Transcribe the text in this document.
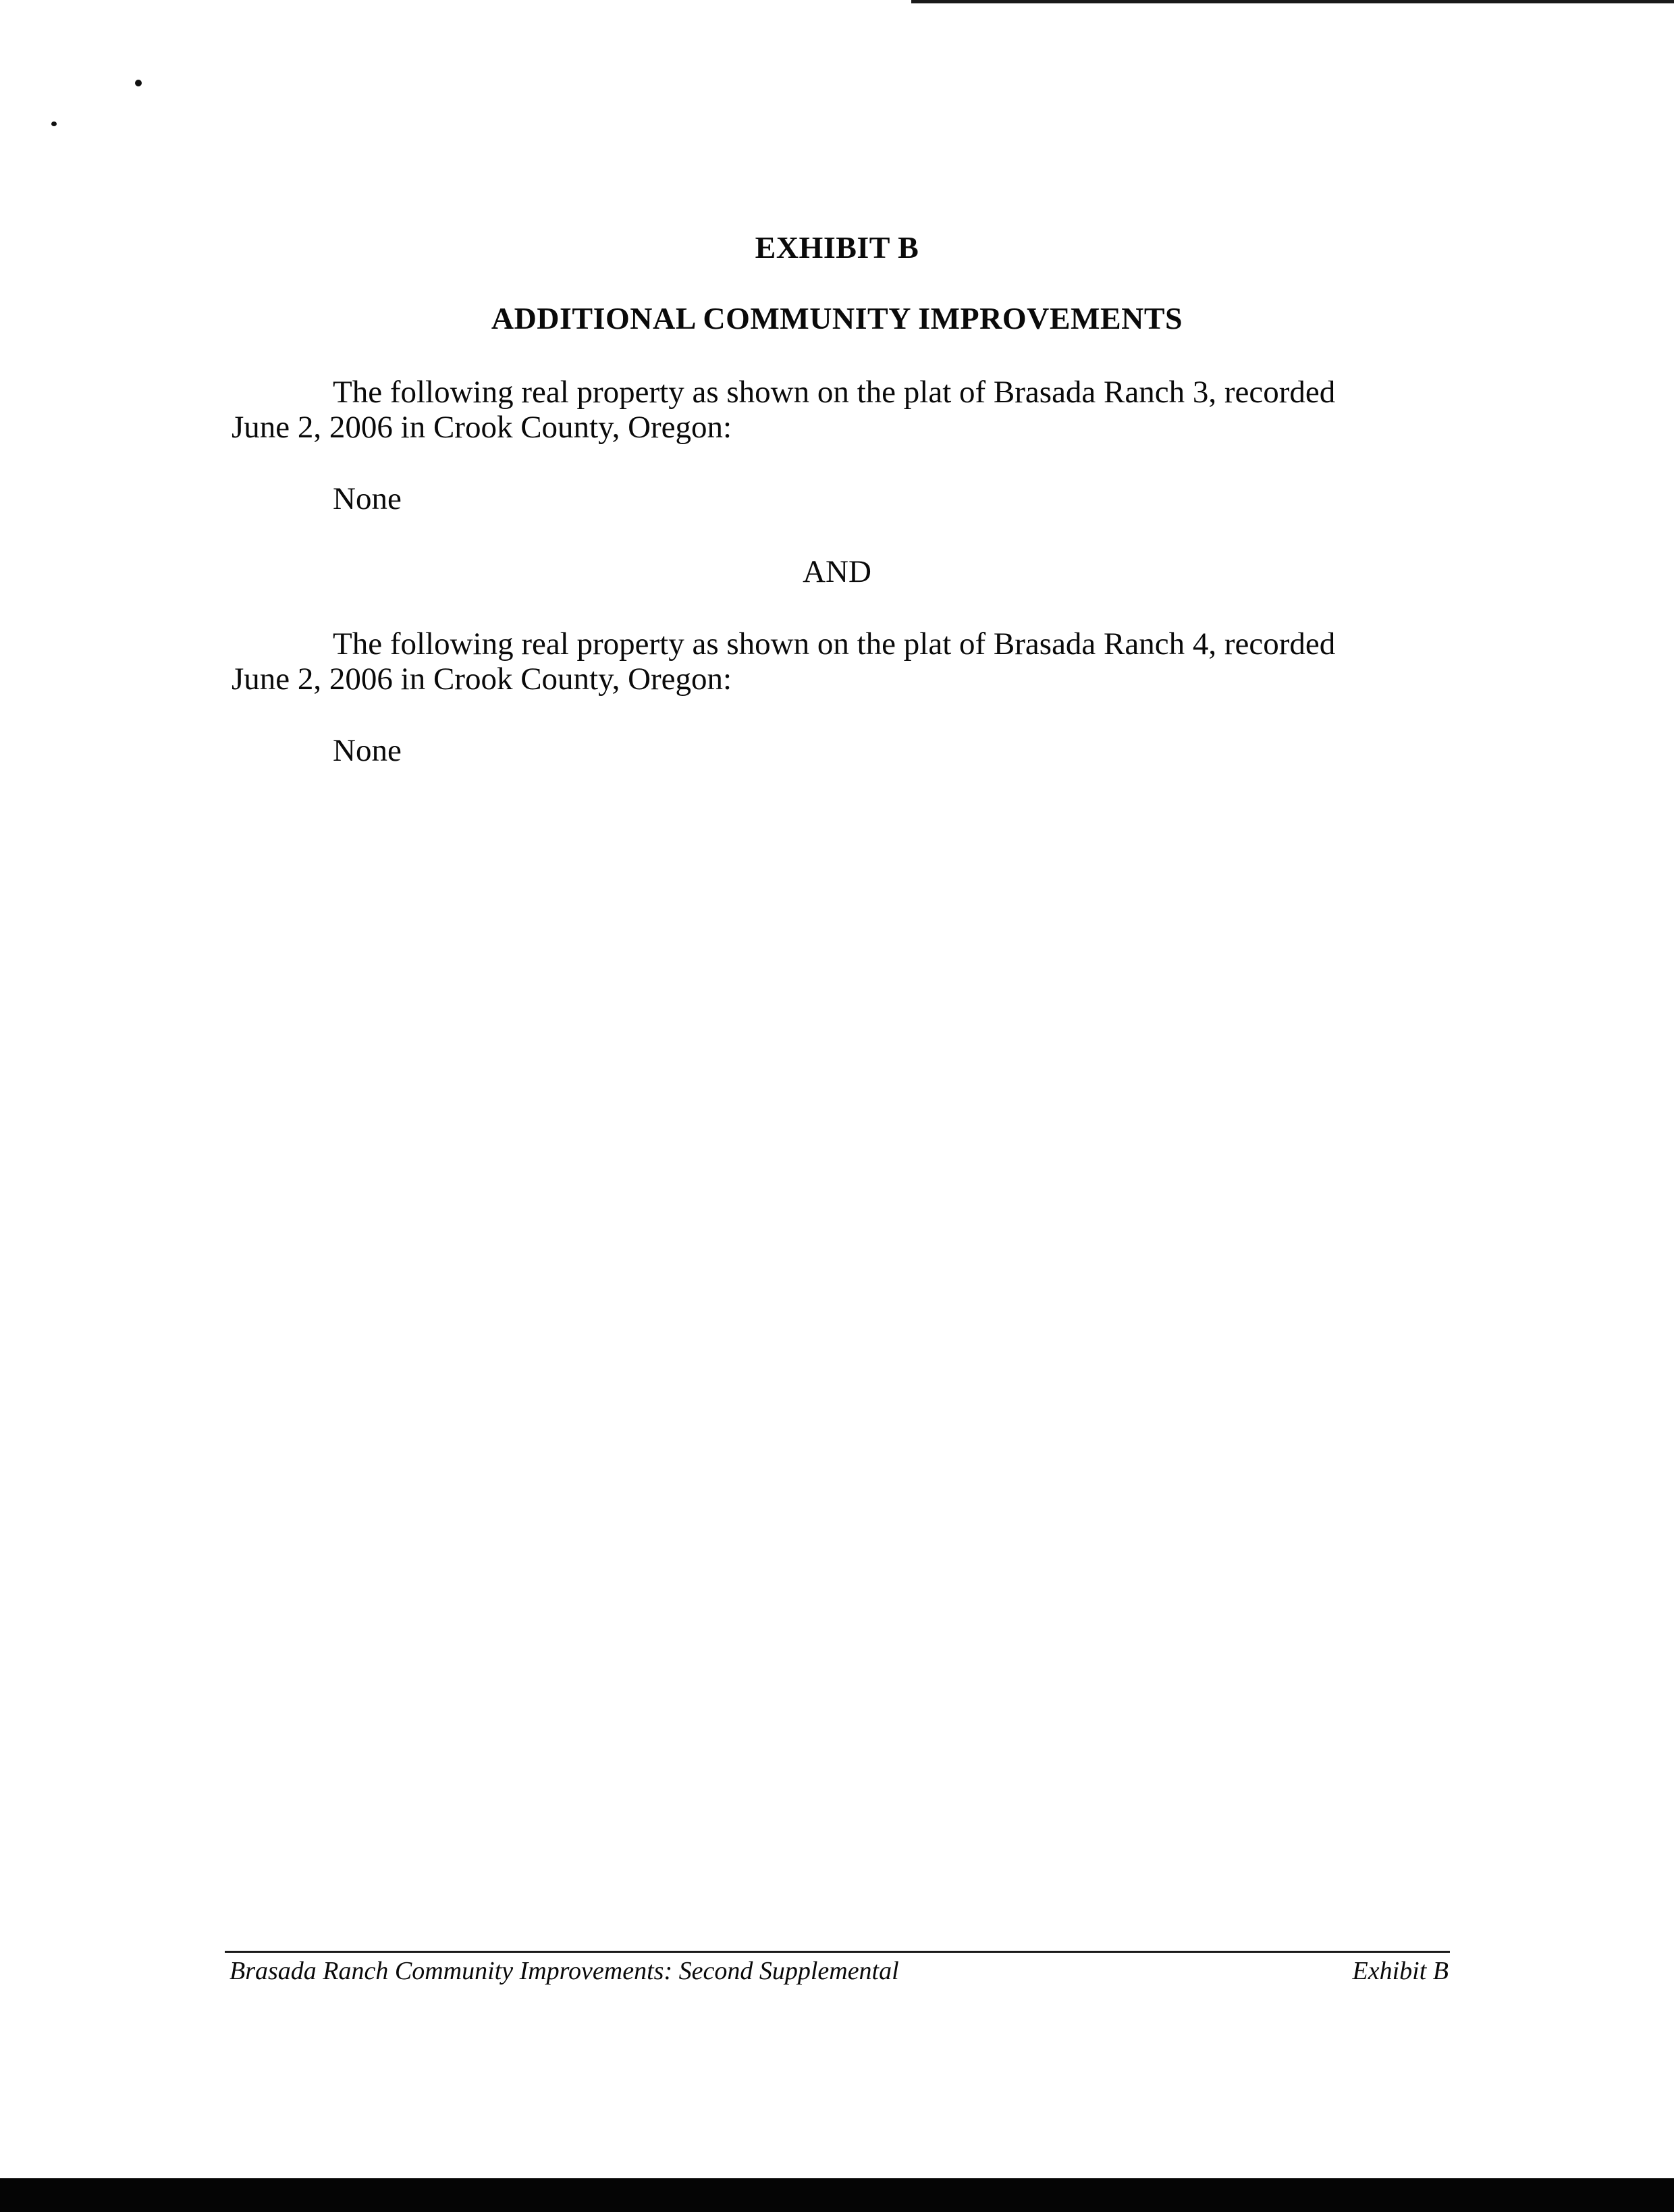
EXHIBIT B
ADDITIONAL COMMUNITY IMPROVEMENTS

The following real property as shown on the plat of Brasada Ranch 3, recorded
June 2, 2006 in Crook County, Oregon:

None

AND

The following real property as shown on the plat of Brasada Ranch 4, recorded
June 2, 2006 in Crook County, Oregon:

None

Brasada Ranch Community Improvements: Second Supplemental	Exhibit B
